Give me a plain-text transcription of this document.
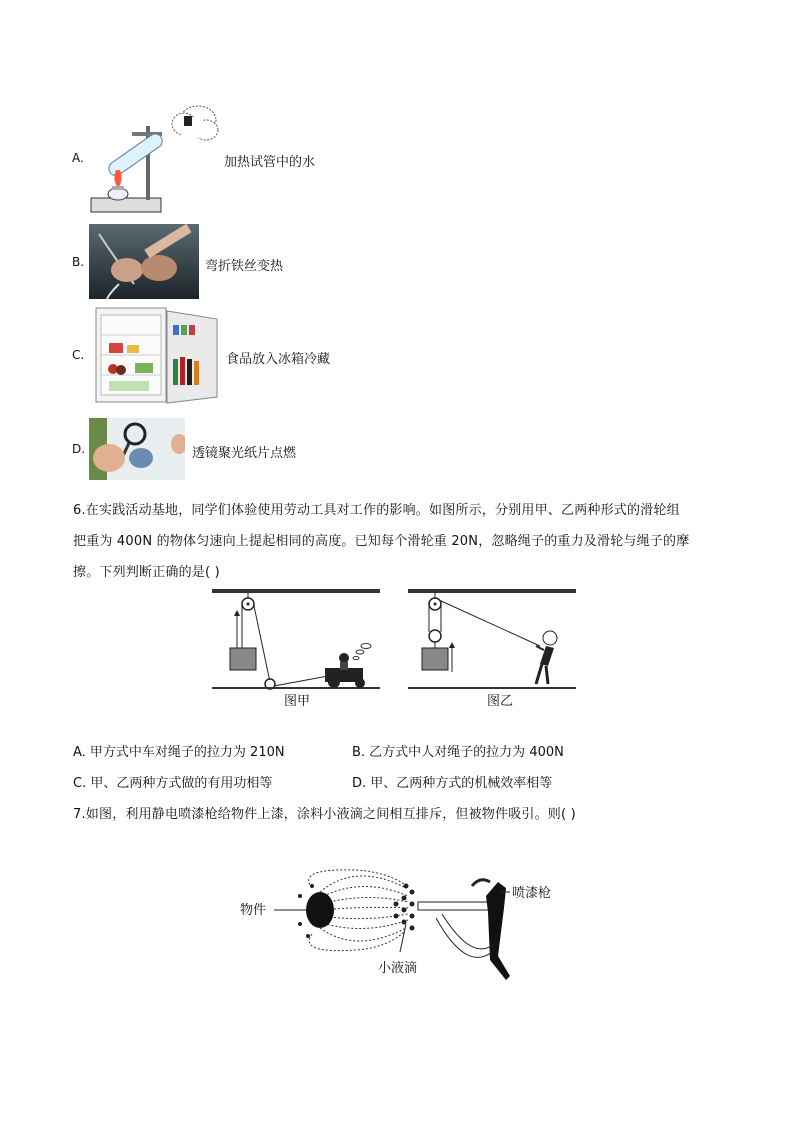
A.	加热试管中的水
B.	弯折铁丝变热
C.	食品放入冰箱冷藏
D.	透镜聚光纸片点燃
6.在实践活动基地，同学们体验使用劳动工具对工作的影响。如图所示，分别用甲、乙两种形式的滑轮组
把重为 400N 的物体匀速向上提起相同的高度。已知每个滑轮重 20N，忽略绳子的重力及滑轮与绳子的摩
擦。下列判断正确的是( )
图甲	图乙
A. 甲方式中车对绳子的拉力为 210N	B. 乙方式中人对绳子的拉力为 400N
C. 甲、乙两种方式做的有用功相等	D. 甲、乙两种方式的机械效率相等
7.如图，利用静电喷漆枪给物件上漆，涂料小液滴之间相互排斥，但被物件吸引。则( )
物件
小液滴
喷漆枪
